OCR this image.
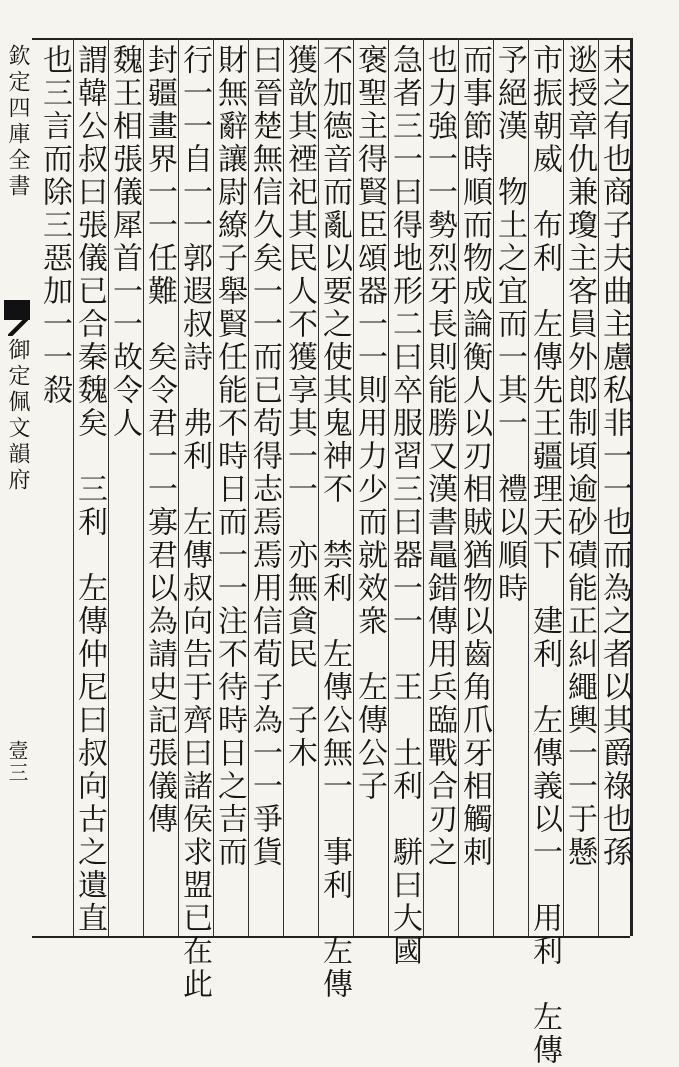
欽定四庫全書
御定佩文韻府
壹三	末之有也商子夫曲主慮私非一一也而為之者以其爵祿也孫
逖授章仇兼瓊主客員外郎制頃逾砂磧能正糾繩輿一一于懸
市振朝威　布利　左傳先王疆理天下　建利　左傳義以一　用利　左傳
予絕漢　物土之宜而一其一　禮以順時
而事節時順而物成論衡人以刃相賊猶物以齒角爪牙相觸刺
也力強一一勢烈牙長則能勝又漢書鼂錯傳用兵臨戰合刃之
急者三一曰得地形二曰卒服習三曰器一一　王　土利　駢曰大國
褒聖主得賢臣頌器一一則用力少而就效衆　左傳公子
不加德音而亂以要之使其鬼神不　禁利　左傳公無一　事利　左傳
獲歆其禋祀其民人不獲享其一一　亦無貪民　子木
曰晉楚無信久矣一一而已苟得志焉焉用信荀子為一一爭貨
財無辭讓尉繚子舉賢任能不時日而一一注不待時日之吉而
行一一自一一郭遐叔詩　弗利　左傳叔向告于齊曰諸侯求盟已在此
封疆畫界一一任難　矣令君一一寡君以為請史記張儀傳
魏王相張儀犀首一一故令人
謂韓公叔曰張儀已合秦魏矣　三利　左傳仲尼曰叔向古之遺直
也三言而除三惡加一一殺
